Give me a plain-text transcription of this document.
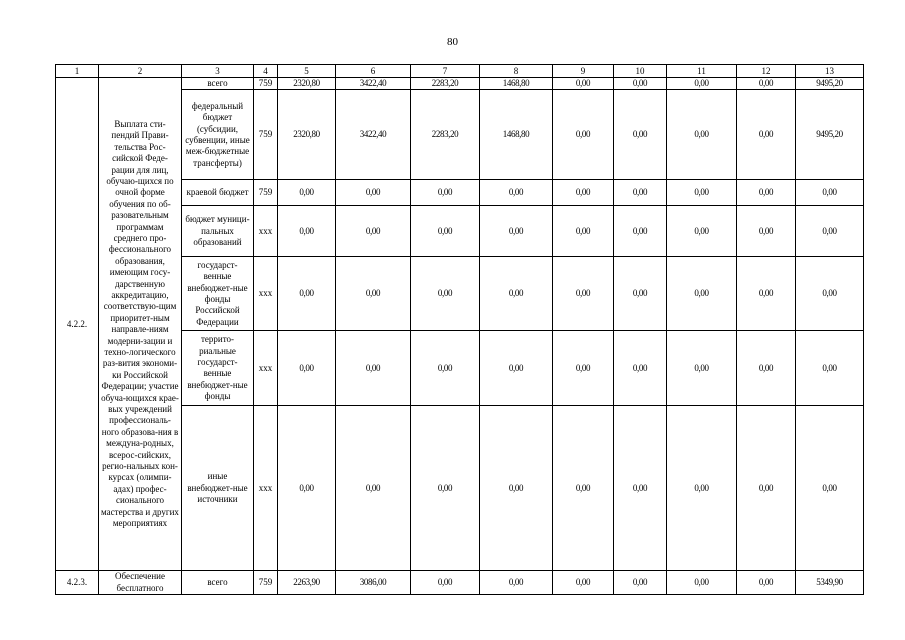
80
1	2	3	4	5	6	7	8	9	10	11	12	13
4.2.2.	Выплата сти-пендий Прави-тельства Рос-сийской Феде-рации для лиц, обучаю-щихся по очной форме обучения по об-разовательным программам среднего про-фессионального образования, имеющим госу-дарственную аккредитацию, соответствую-щим приоритет-ным направле-ниям модерни-зации и техно-логического раз-вития экономи-ки Российской Федерации; участие обуча-ющихся крае-вых учреждений профессиональ-ного образова-ния в междуна-родных, всерос-сийских, регио-нальных кон-курсах (олимпи-адах) профес-сионального мастерства и других мероприятиях	всего	759	2320,80	3422,40	2283,20	1468,80	0,00	0,00	0,00	0,00	9495,20
		федеральный бюджет (субсидии, субвенции, иные меж-бюджетные трансферты)	759	2320,80	3422,40	2283,20	1468,80	0,00	0,00	0,00	0,00	9495,20
		краевой бюджет	759	0,00	0,00	0,00	0,00	0,00	0,00	0,00	0,00	0,00
		бюджет муници-пальных образований	ххх	0,00	0,00	0,00	0,00	0,00	0,00	0,00	0,00	0,00
		государст-венные внебюджет-ные фонды Российской Федерации	ххх	0,00	0,00	0,00	0,00	0,00	0,00	0,00	0,00	0,00
		террито-риальные государст-венные внебюджет-ные фонды	ххх	0,00	0,00	0,00	0,00	0,00	0,00	0,00	0,00	0,00
		иные внебюджет-ные источники	ххх	0,00	0,00	0,00	0,00	0,00	0,00	0,00	0,00	0,00
4.2.3.	Обеспечение бесплатного	всего	759	2263,90	3086,00	0,00	0,00	0,00	0,00	0,00	0,00	5349,90
